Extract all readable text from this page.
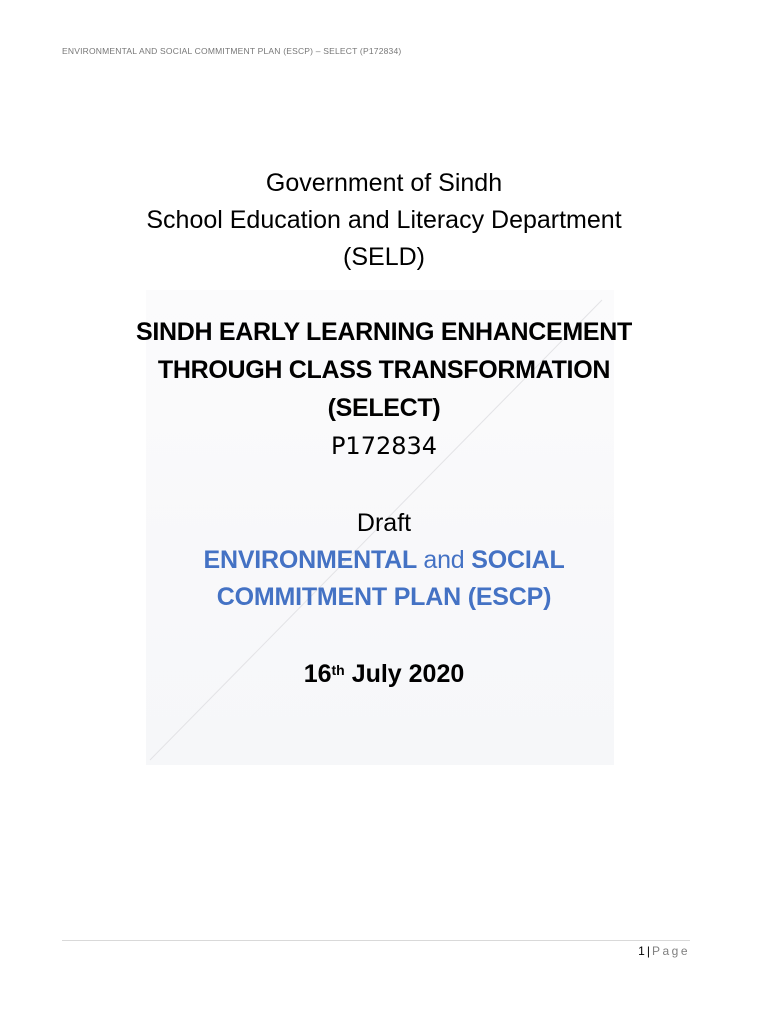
ENVIRONMENTAL AND SOCIAL COMMITMENT PLAN (ESCP) – SELECT (P172834)
Government of Sindh
School Education and Literacy Department
(SELD)
SINDH EARLY LEARNING ENHANCEMENT
THROUGH CLASS TRANSFORMATION
(SELECT)
P172834
Draft
ENVIRONMENTAL and SOCIAL
COMMITMENT PLAN (ESCP)
16th July 2020
1 | Page
